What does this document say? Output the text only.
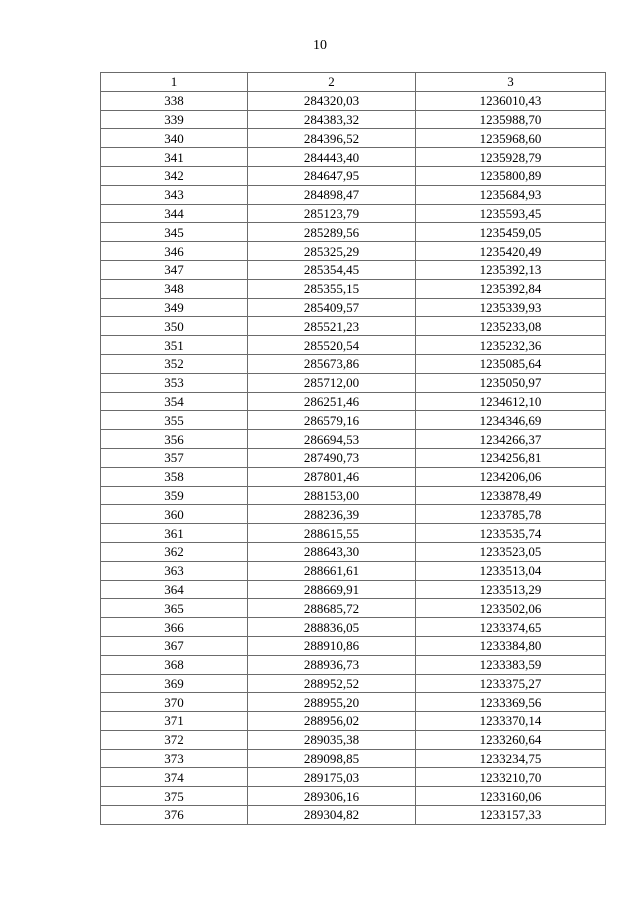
10
1	2	3
338	284320,03	1236010,43
339	284383,32	1235988,70
340	284396,52	1235968,60
341	284443,40	1235928,79
342	284647,95	1235800,89
343	284898,47	1235684,93
344	285123,79	1235593,45
345	285289,56	1235459,05
346	285325,29	1235420,49
347	285354,45	1235392,13
348	285355,15	1235392,84
349	285409,57	1235339,93
350	285521,23	1235233,08
351	285520,54	1235232,36
352	285673,86	1235085,64
353	285712,00	1235050,97
354	286251,46	1234612,10
355	286579,16	1234346,69
356	286694,53	1234266,37
357	287490,73	1234256,81
358	287801,46	1234206,06
359	288153,00	1233878,49
360	288236,39	1233785,78
361	288615,55	1233535,74
362	288643,30	1233523,05
363	288661,61	1233513,04
364	288669,91	1233513,29
365	288685,72	1233502,06
366	288836,05	1233374,65
367	288910,86	1233384,80
368	288936,73	1233383,59
369	288952,52	1233375,27
370	288955,20	1233369,56
371	288956,02	1233370,14
372	289035,38	1233260,64
373	289098,85	1233234,75
374	289175,03	1233210,70
375	289306,16	1233160,06
376	289304,82	1233157,33
